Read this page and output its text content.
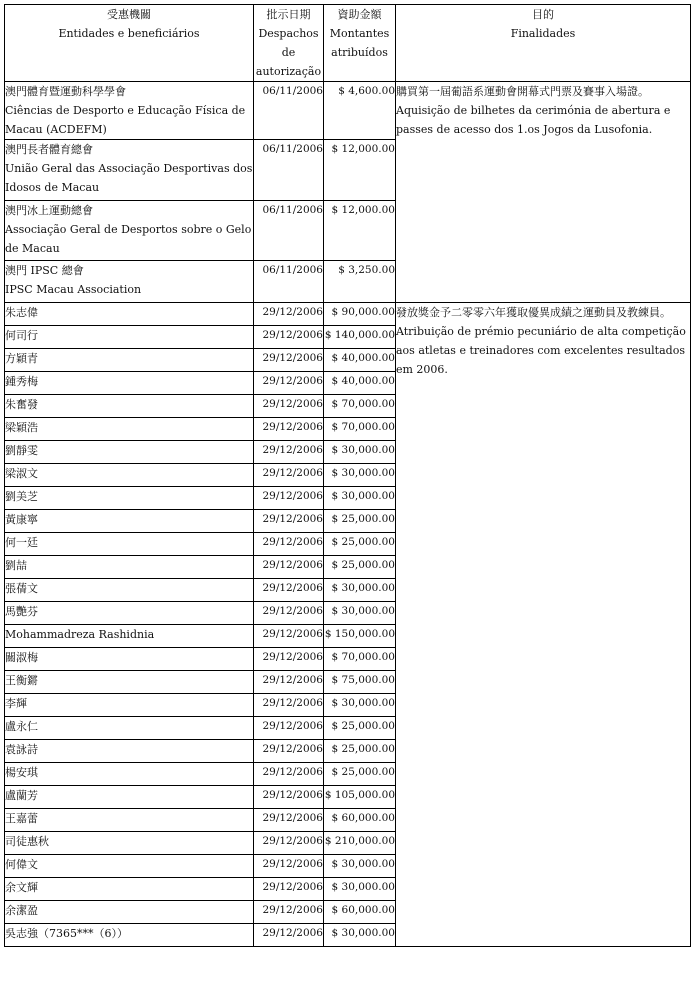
受惠機關
Entidades e beneficiários	批示日期
Despachos de
autorização	資助金額
Montantes
atribuídos	目的
Finalidades

澳門體育暨運動科學學會
Ciências de Desporto e Educação Física de Macau (ACDEFM)	06/11/2006	$ 4,600.00	購買第一屆葡語系運動會開幕式門票及賽事入場證。
Aquisição de bilhetes da cerimónia de abertura e passes de acesso dos 1.os Jogos da Lusofonia.

澳門長者體育總會
União Geral das Associação Desportivas dos Idosos de Macau	06/11/2006	$ 12,000.00	

澳門冰上運動總會
Associação Geral de Desportos sobre o Gelo de Macau	06/11/2006	$ 12,000.00	

澳門 IPSC 總會
IPSC Macau Association	06/11/2006	$ 3,250.00	
朱志偉	29/12/2006	$ 90,000.00	發放獎金予二零零六年獲取優異成績之運動員及教練員。
Atribuição de prémio pecuniário de alta competição aos atletas e treinadores com excelentes resultados em 2006.

何司行	29/12/2006	$ 140,000.00	
方穎青	29/12/2006	$ 40,000.00	
鍾秀梅	29/12/2006	$ 40,000.00	
朱奮發	29/12/2006	$ 70,000.00	
梁穎浩	29/12/2006	$ 70,000.00	
劉靜雯	29/12/2006	$ 30,000.00	
梁淑文	29/12/2006	$ 30,000.00	
劉美芝	29/12/2006	$ 30,000.00	
黃康寧	29/12/2006	$ 25,000.00	
何一廷	29/12/2006	$ 25,000.00	
劉喆	29/12/2006	$ 25,000.00	
張蒨文	29/12/2006	$ 30,000.00	
馬艷芬	29/12/2006	$ 30,000.00	
Mohammadreza Rashidnia	29/12/2006	$ 150,000.00	
關淑梅	29/12/2006	$ 70,000.00	
王衡鏘	29/12/2006	$ 75,000.00	
李輝	29/12/2006	$ 30,000.00	
盧永仁	29/12/2006	$ 25,000.00	
袁詠詩	29/12/2006	$ 25,000.00	
楊安琪	29/12/2006	$ 25,000.00	
盧蘭芳	29/12/2006	$ 105,000.00	
王嘉蕾	29/12/2006	$ 60,000.00	
司徒惠秋	29/12/2006	$ 210,000.00	
何偉文	29/12/2006	$ 30,000.00	
余文輝	29/12/2006	$ 30,000.00	
余潔盈	29/12/2006	$ 60,000.00	
吳志強（7365***（6））	29/12/2006	$ 30,000.00	
